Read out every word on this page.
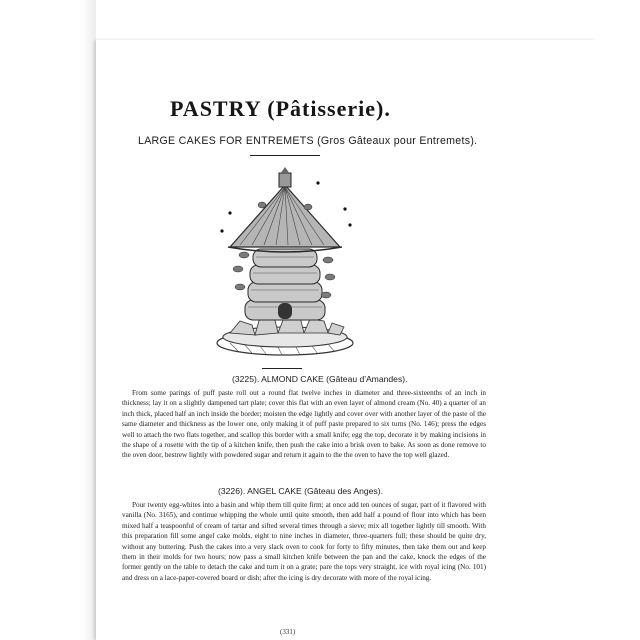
PASTRY (Pâtisserie).
LARGE CAKES FOR ENTREMETS (Gros Gâteaux pour Entremets).
(3225). ALMOND CAKE (Gâteau d'Amandes).

From some parings of puff paste roll out a round flat twelve inches in diameter and three-sixteenths of an inch in thickness; lay it on a slightly dampened tart plate; cover this flat with an even layer of almond cream (No. 40) a quarter of an inch thick, placed half an inch inside the border; moisten the edge lightly and cover over with another layer of the paste of the same diameter and thickness as the lower one, only making it of puff paste prepared to six turns (No. 146); press the edges well to attach the two flats together, and scallop this border with a small knife; egg the top, decorate it by making incisions in the shape of a rosette with the tip of a kitchen knife, then push the cake into a brisk oven to bake. As soon as done remove to the oven door, bestrew lightly with powdered sugar and return it again to the the oven to have the top well glazed.

(3226). ANGEL CAKE (Gâteau des Anges).

Pour twenty egg-whites into a basin and whip them till quite firm; at once add ten ounces of sugar, part of it flavored with vanilla (No. 3165), and continue whipping the whole until quite smooth, then add half a pound of flour into which has been mixed half a teaspoonful of cream of tartar and sifted several times through a sieve; mix all together lightly till smooth. With this preparation fill some angel cake molds, eight to nine inches in diameter, three-quarters full; these should be quite dry, without any buttering. Push the cakes into a very slack oven to cook for forty to fifty minutes, then take them out and keep them in their molds for two hours; now pass a small kitchen knife between the pan and the cake, knock the edges of the former gently on the table to detach the cake and turn it on a grate; pare the tops very straight, ice with royal icing (No. 101) and dress on a lace-paper-covered board or dish; after the icing is dry decorate with more of the royal icing.

(331)
